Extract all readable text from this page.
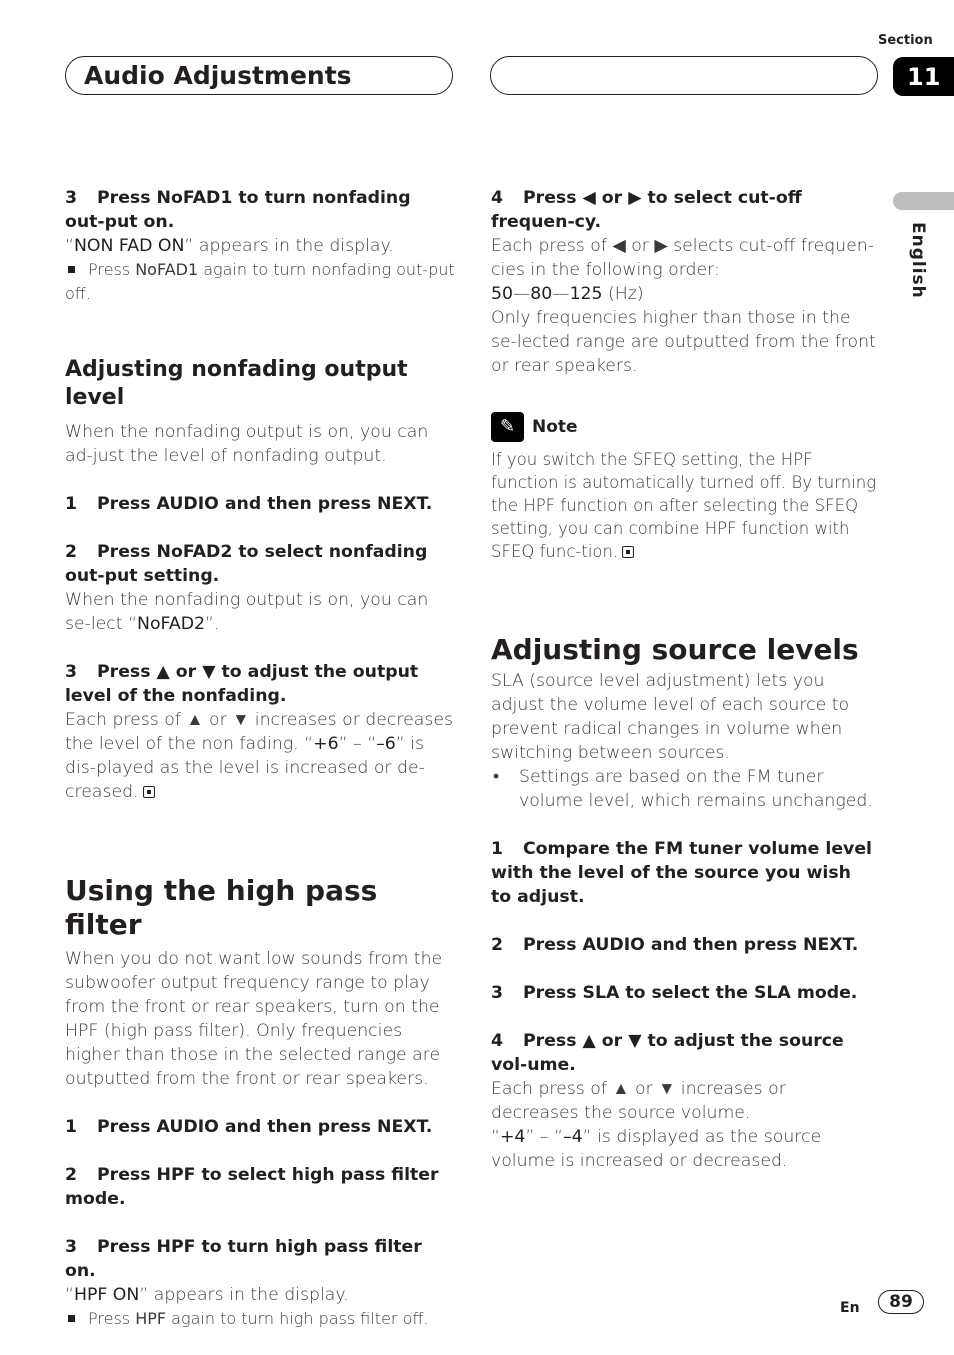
Section
11
Audio Adjustments
English

3 Press NoFAD1 to turn nonfading out-put on.

“NON FAD ON” appears in the display.

Press NoFAD1 again to turn nonfading out-put off.

Adjusting nonfading output level

When the nonfading output is on, you can ad-just the level of nonfading output.

1 Press AUDIO and then press NEXT.

2 Press NoFAD2 to select nonfading out-put setting.

When the nonfading output is on, you can se-lect “NoFAD2”.

3 Press ▲ or ▼ to adjust the output level of the nonfading.

Each press of ▲ or ▼ increases or decreases the level of the non fading. “+6” – “–6” is dis-played as the level is increased or de-creased.

Using the high pass filter

When you do not want low sounds from the subwoofer output frequency range to play from the front or rear speakers, turn on the HPF (high pass filter). Only frequencies higher than those in the selected range are outputted from the front or rear speakers.

1 Press AUDIO and then press NEXT.

2 Press HPF to select high pass filter mode.

3 Press HPF to turn high pass filter on.

“HPF ON” appears in the display.

Press HPF again to turn high pass filter off.

4 Press ◀ or ▶ to select cut-off frequen-cy.

Each press of ◀ or ▶ selects cut-off frequen-cies in the following order:

50—80—125 (Hz)

Only frequencies higher than those in the se-lected range are outputted from the front or rear speakers.

✎ Note

If you switch the SFEQ setting, the HPF function is automatically turned off. By turning the HPF function on after selecting the SFEQ setting, you can combine HPF function with SFEQ func-tion.

Adjusting source levels

SLA (source level adjustment) lets you adjust the volume level of each source to prevent radical changes in volume when switching between sources.

•	Settings are based on the FM tuner volume level, which remains unchanged.

1 Compare the FM tuner volume level with the level of the source you wish to adjust.

2 Press AUDIO and then press NEXT.

3 Press SLA to select the SLA mode.

4 Press ▲ or ▼ to adjust the source vol-ume.

Each press of ▲ or ▼ increases or decreases the source volume.

“+4” – “–4” is displayed as the source volume is increased or decreased.

En	89
